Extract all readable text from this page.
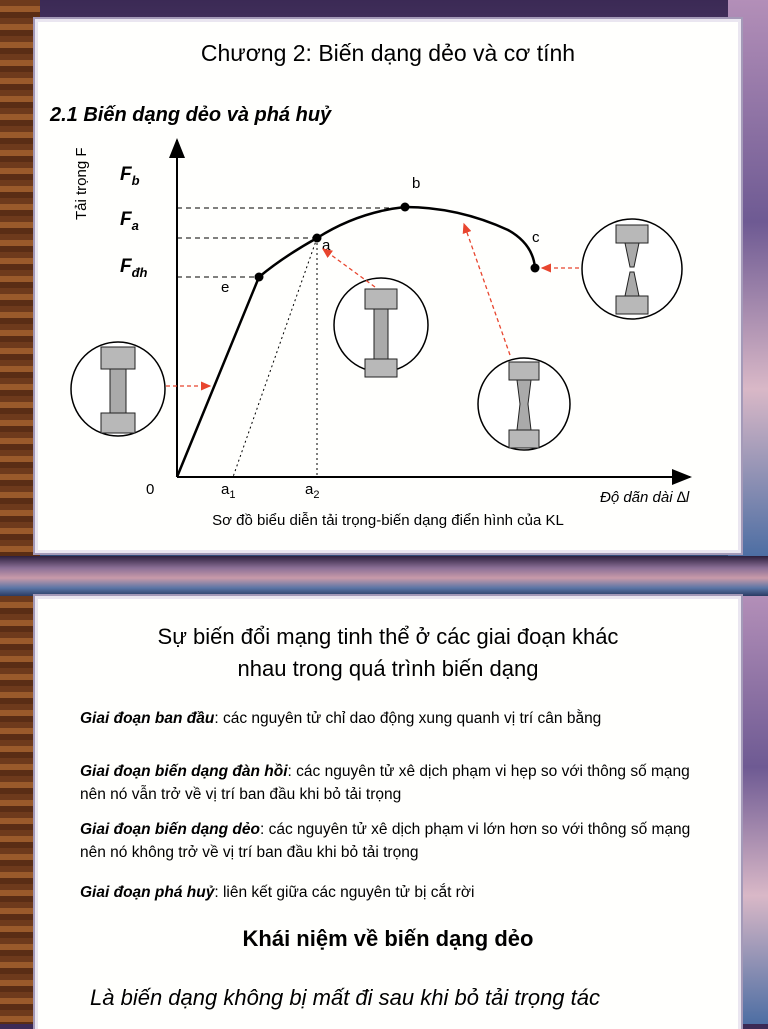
Chương 2: Biến dạng dẻo và cơ tính
2.1 Biến dạng dẻo và phá huỷ
Tải trọng F
Độ dãn dài ∆l
0
$F_b$
$F_a$
$F_{đh}$
$a_1$	$a_2$
e
a
b
c
Sơ đồ biểu diễn tải trọng-biến dạng điển hình của KL
Sự biến đổi mạng tinh thể ở các giai đoạn khác
nhau trong quá trình biến dạng
Giai đoạn ban đầu: các nguyên tử chỉ dao động xung quanh vị trí cân bằng
Giai đoạn biến dạng đàn hồi: các nguyên tử xê dịch phạm vi hẹp so với thông số mạng nên nó vẫn trở về vị trí ban đầu khi bỏ tải trọng
Giai đoạn biến dạng dẻo: các nguyên tử xê dịch phạm vi lớn hơn so với thông số mạng nên nó không trở về vị trí ban đầu khi bỏ tải trọng
Giai đoạn phá huỷ: liên kết giữa các nguyên tử bị cắt rời
Khái niệm về biến dạng dẻo
Là biến dạng không bị mất đi sau khi bỏ tải trọng tác
